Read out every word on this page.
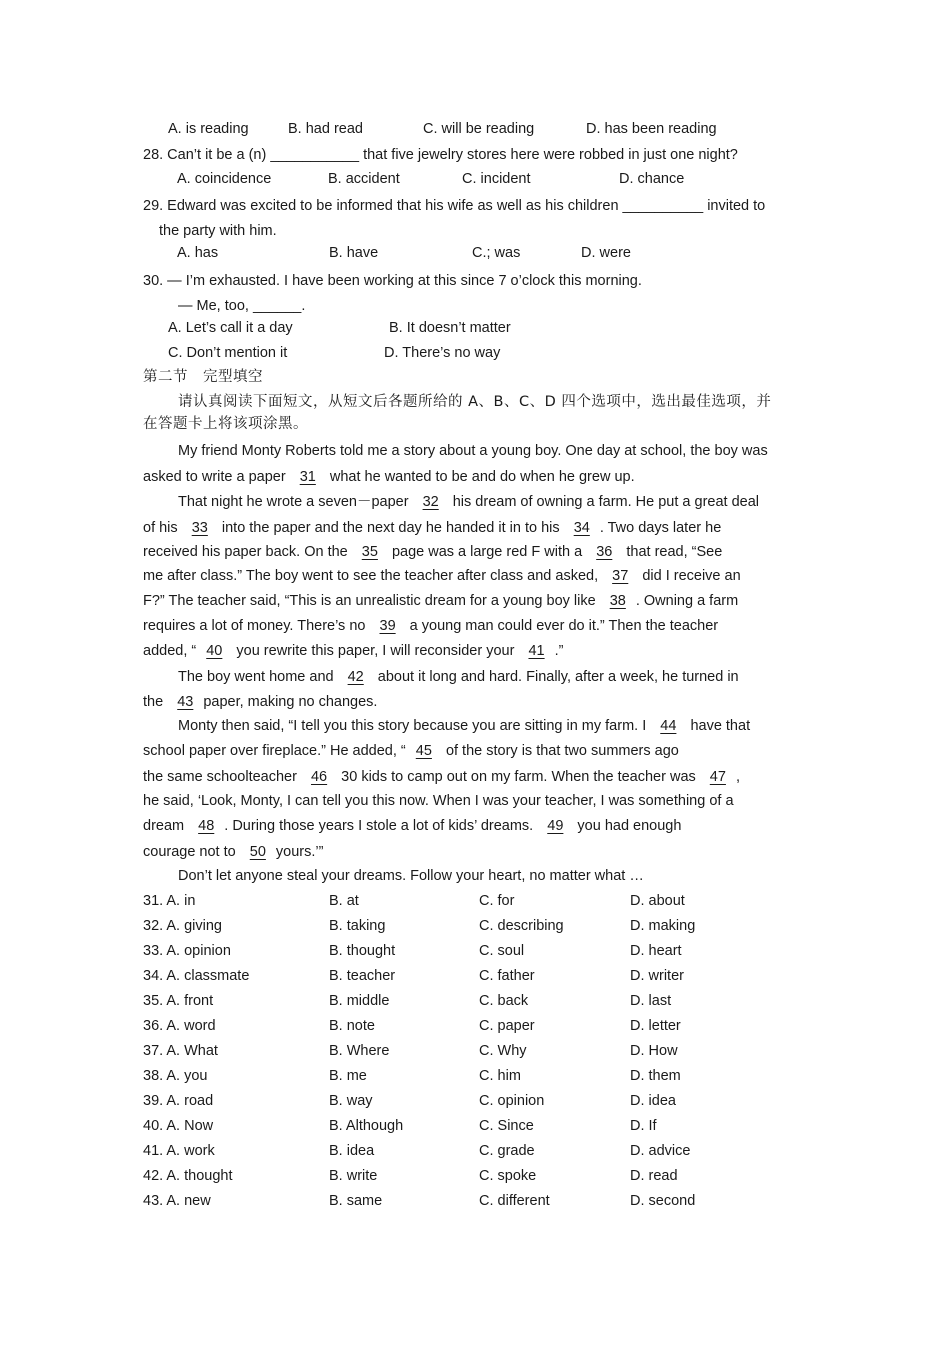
A. is reading	B. had read	C. will be reading	D. has been reading
28. Can’t it be a (n) ___________ that five jewelry stores here were robbed in just one night?
A. coincidence	B. accident	C. incident	D. chance
29. Edward was excited to be informed that his wife as well as his children __________ invited to
the party with him.
A. has	B. have	C.; was	D. were
30. — I’m exhausted. I have been working at this since 7 o’clock this morning.
— Me, too, ______.
A. Let’s call it a day	B. It doesn’t matter
C. Don’t mention it	D. There’s no way
第二节　完型填空
请认真阅读下面短文，从短文后各题所给的 A、B、C、D 四个选项中，选出最佳选项，并
在答题卡上将该项涂黑。
My friend Monty Roberts told me a story about a young boy. One day at school, the boy was
asked to write a paper 31 what he wanted to be and do when he grew up.
That night he wrote a seven－paper 32 his dream of owning a farm. He put a great deal
of his 33 into the paper and the next day he handed it in to his 34 . Two days later he
received his paper back. On the 35 page was a large red F with a 36 that read, “See
me after class.” The boy went to see the teacher after class and asked, 37 did I receive an
F?” The teacher said, “This is an unrealistic dream for a young boy like 38 . Owning a farm
requires a lot of money. There’s no 39 a young man could ever do it.” Then the teacher
added, “ 40 you rewrite this paper, I will reconsider your 41 .”
The boy went home and 42 about it long and hard. Finally, after a week, he turned in
the 43 paper, making no changes.
Monty then said, “I tell you this story because you are sitting in my farm. I 44 have that
school paper over fireplace.” He added, “ 45 of the story is that two summers ago
the same schoolteacher 46 30 kids to camp out on my farm. When the teacher was 47 ,
he said, ‘Look, Monty, I can tell you this now. When I was your teacher, I was something of a
dream 48 . During those years I stole a lot of kids’ dreams. 49 you had enough
courage not to 50 yours.’”
Don’t let anyone steal your dreams. Follow your heart, no matter what …
31. A. in	B. at	C. for	D. about
32. A. giving	B. taking	C. describing	D. making
33. A. opinion	B. thought	C. soul	D. heart
34. A. classmate	B. teacher	C. father	D. writer
35. A. front	B. middle	C. back	D. last
36. A. word	B. note	C. paper	D. letter
37. A. What	B. Where	C. Why	D. How
38. A. you	B. me	C. him	D. them
39. A. road	B. way	C. opinion	D. idea
40. A. Now	B. Although	C. Since	D. If
41. A. work	B. idea	C. grade	D. advice
42. A. thought	B. write	C. spoke	D. read
43. A. new	B. same	C. different	D. second
